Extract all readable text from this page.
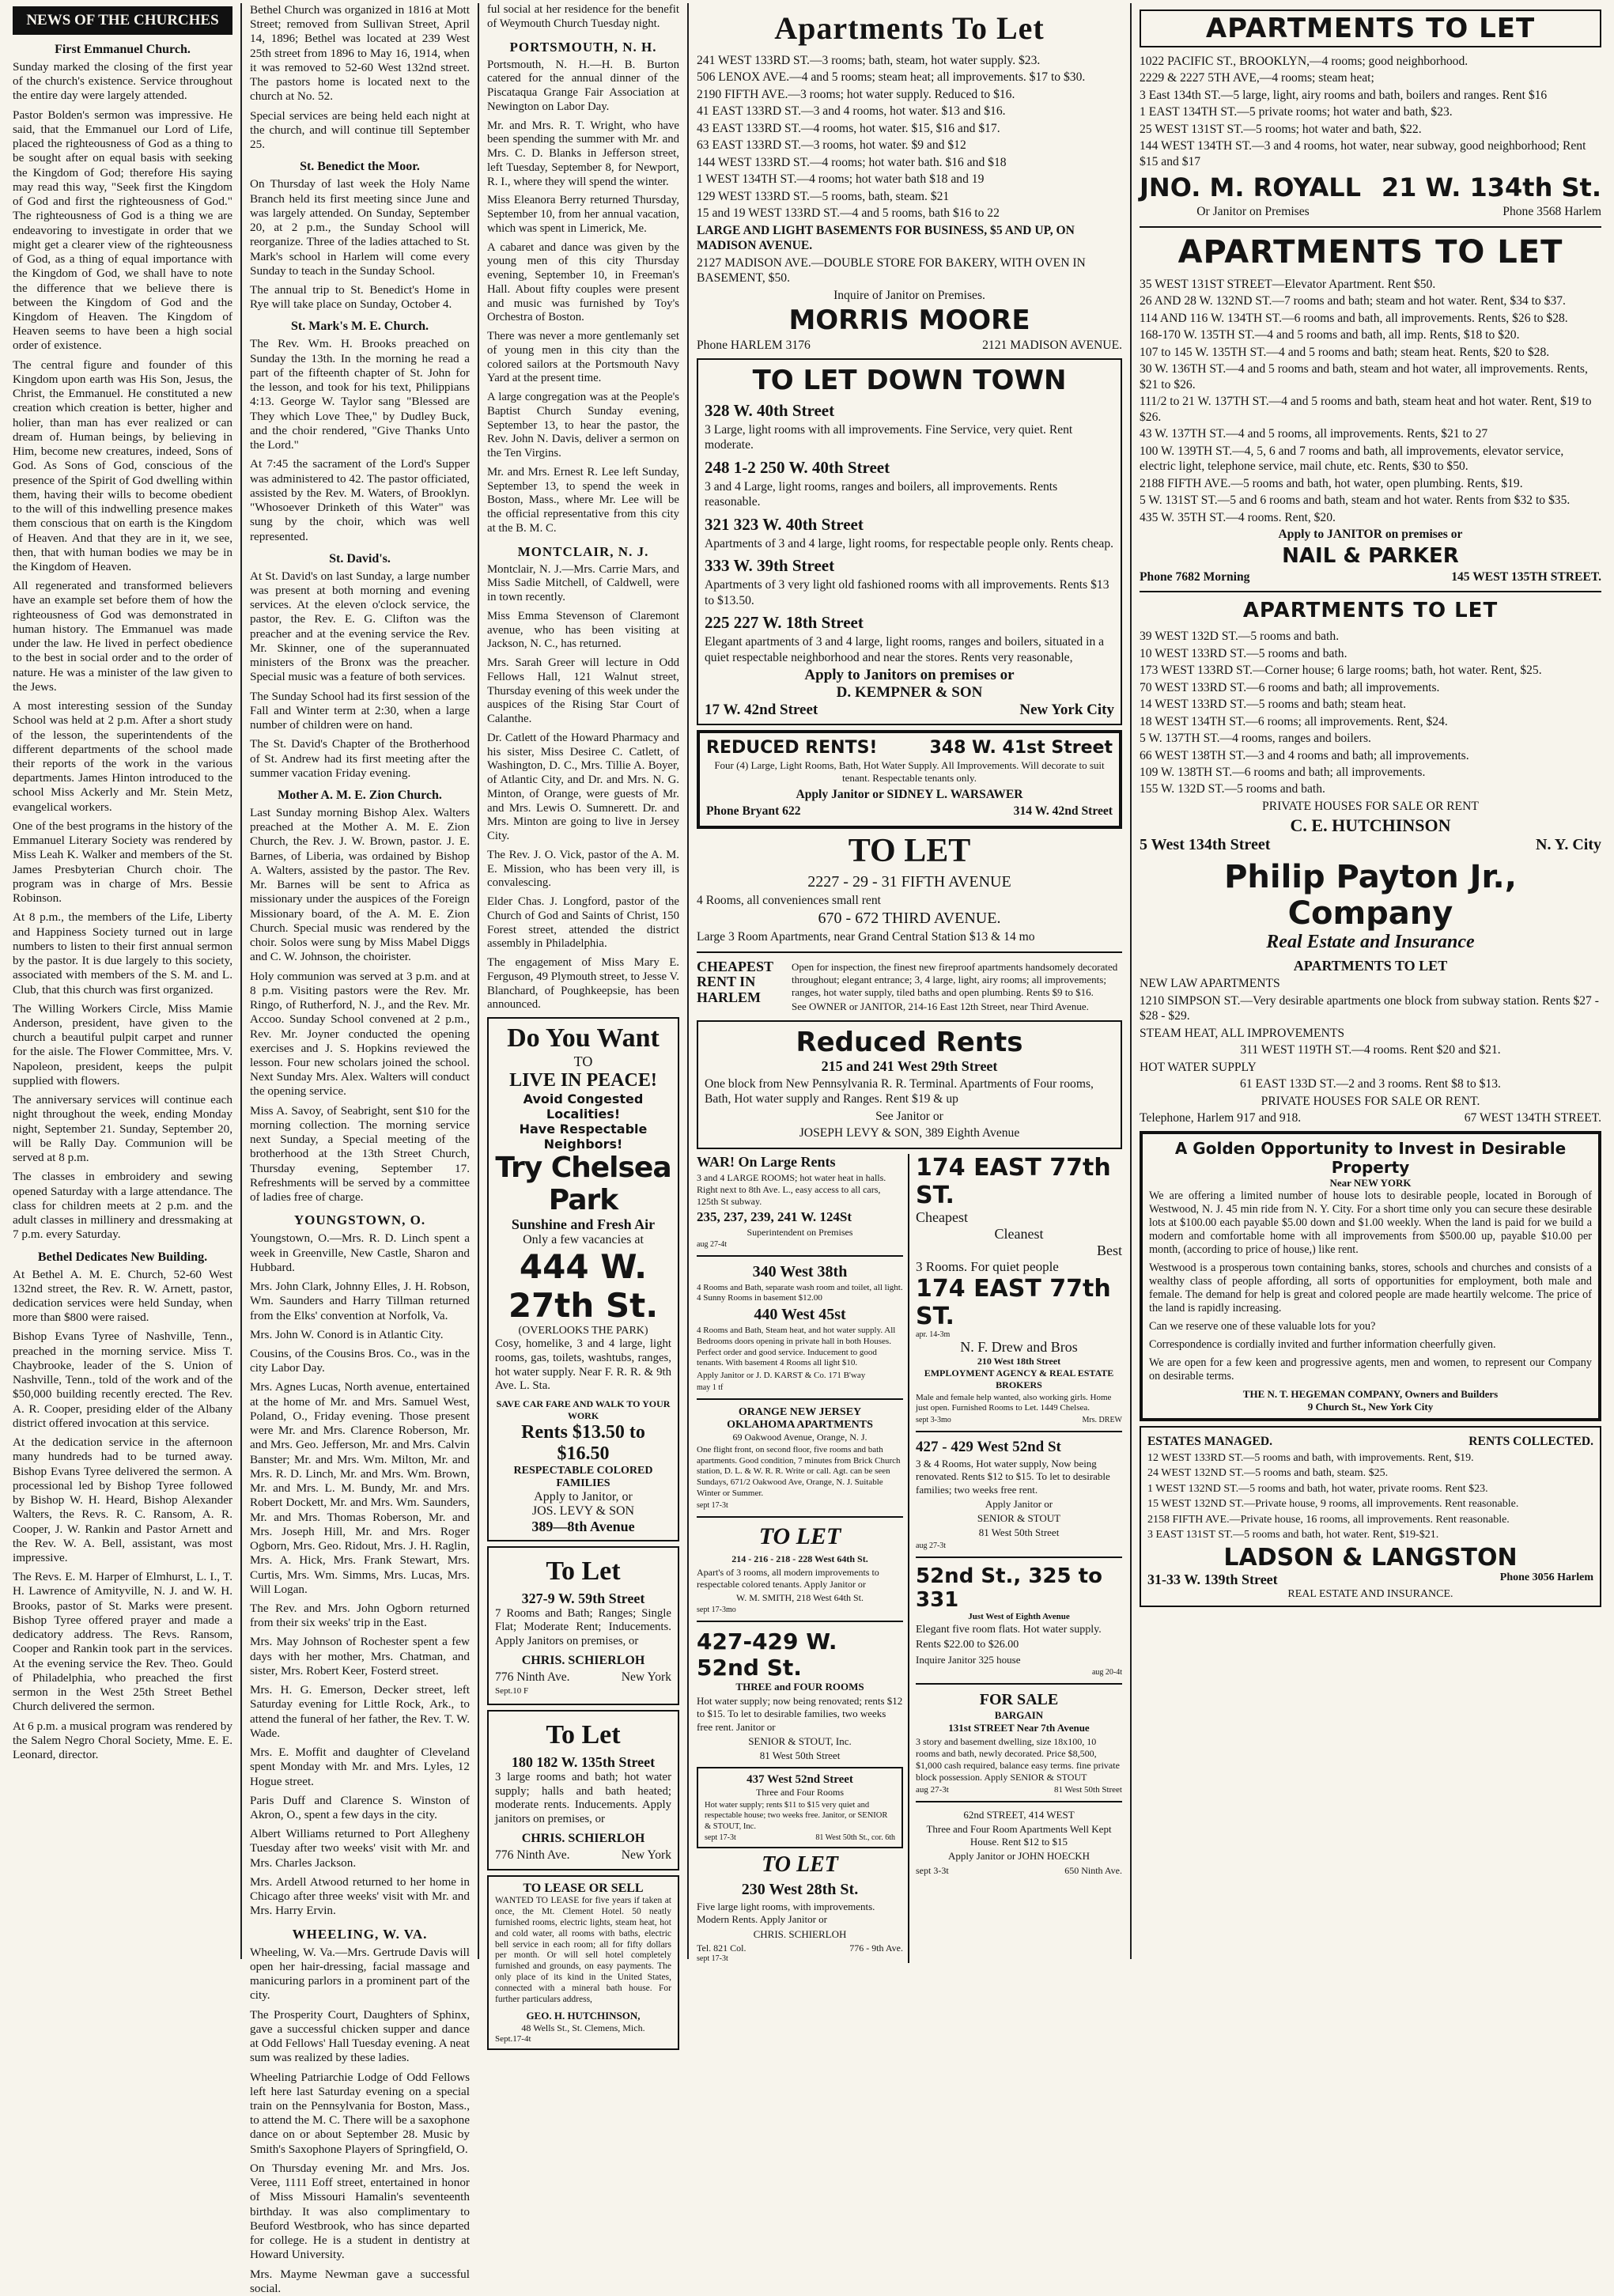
NEWS OF THE CHURCHES
First Emmanuel Church.

Sunday marked the closing of the first year of the church's existence. Service throughout the entire day were largely attended.

Pastor Bolden's sermon was impressive. He said, that the Emmanuel our Lord of Life, placed the righteousness of God as a thing to be sought after on equal basis with seeking the Kingdom of God; therefore His saying may read this way, "Seek first the Kingdom of God and first the righteousness of God." The righteousness of God is a thing we are endeavoring to investigate in order that we might get a clearer view of the righteousness of God, as a thing of equal importance with the Kingdom of God, we shall have to note the difference that we believe there is between the Kingdom of God and the Kingdom of Heaven. The Kingdom of Heaven seems to have been a high social order of existence.

The central figure and founder of this Kingdom upon earth was His Son, Jesus, the Christ, the Emmanuel. He constituted a new creation which creation is better, higher and holier, than man has ever realized or can dream of. Human beings, by believing in Him, become new creatures, indeed, Sons of God. As Sons of God, conscious of the presence of the Spirit of God dwelling within them, having their wills to become obedient to the will of this indwelling presence makes them conscious that on earth is the Kingdom of Heaven. And that they are in it, we see, then, that with human bodies we may be in the Kingdom of Heaven.

All regenerated and transformed believers have an example set before them of how the righteousness of God was demonstrated in human history. The Emmanuel was made under the law. He lived in perfect obedience to the best in social order and to the order of nature. He was a minister of the law given to the Jews.

A most interesting session of the Sunday School was held at 2 p.m. After a short study of the lesson, the superintendents of the different departments of the school made their reports of the work in the various departments. James Hinton introduced to the school Miss Ackerly and Mr. Stein Metz, evangelical workers.

One of the best programs in the history of the Emmanuel Literary Society was rendered by Miss Leah K. Walker and members of the St. James Presbyterian Church choir. The program was in charge of Mrs. Bessie Robinson.

At 8 p.m., the members of the Life, Liberty and Happiness Society turned out in large numbers to listen to their first annual sermon by the pastor. It is due largely to this society, associated with members of the S. M. and L. Club, that this church was first organized.

The Willing Workers Circle, Miss Mamie Anderson, president, have given to the church a beautiful pulpit carpet and runner for the aisle. The Flower Committee, Mrs. V. Napoleon, president, keeps the pulpit supplied with flowers.

The anniversary services will continue each night throughout the week, ending Monday night, September 21. Sunday, September 20, will be Rally Day. Communion will be served at 8 p.m.

The classes in embroidery and sewing opened Saturday with a large attendance. The class for children meets at 2 p.m. and the adult classes in millinery and dressmaking at 7 p.m. every Saturday.

Bethel Dedicates New Building.

At Bethel A. M. E. Church, 52-60 West 132nd street, the Rev. R. W. Arnett, pastor, dedication services were held Sunday, when more than $800 were raised.

Bishop Evans Tyree of Nashville, Tenn., preached in the morning service. Miss T. Chaybrooke, leader of the S. Union of Nashville, Tenn., told of the work and of the $50,000 building recently erected. The Rev. A. R. Cooper, presiding elder of the Albany district offered invocation at this service.

At the dedication service in the afternoon many hundreds had to be turned away. Bishop Evans Tyree delivered the sermon. A processional led by Bishop Tyree followed by Bishop W. H. Heard, Bishop Alexander Walters, the Revs. R. C. Ransom, A. R. Cooper, J. W. Rankin and Pastor Arnett and the Rev. W. A. Bell, assistant, was most impressive.

The Revs. E. M. Harper of Elmhurst, L. I., T. H. Lawrence of Amityville, N. J. and W. H. Brooks, pastor of St. Marks were present. Bishop Tyree offered prayer and made a dedicatory address. The Revs. Ransom, Cooper and Rankin took part in the services. At the evening service the Rev. Theo. Gould of Philadelphia, who preached the first sermon in the West 25th Street Bethel Church delivered the sermon.

At 6 p.m. a musical program was rendered by the Salem Negro Choral Society, Mme. E. E. Leonard, director.

Bethel Church was organized in 1816 at Mott Street; removed from Sullivan Street, April 14, 1896; Bethel was located at 239 West 25th street from 1896 to May 16, 1914, when it was removed to 52-60 West 132nd street. The pastors home is located next to the church at No. 52.

Special services are being held each night at the church, and will continue till September 25.

St. Benedict the Moor.

On Thursday of last week the Holy Name Branch held its first meeting since June and was largely attended. On Sunday, September 20, at 2 p.m., the Sunday School will reorganize. Three of the ladies attached to St. Mark's school in Harlem will come every Sunday to teach in the Sunday School.

The annual trip to St. Benedict's Home in Rye will take place on Sunday, October 4.

St. Mark's M. E. Church.

The Rev. Wm. H. Brooks preached on Sunday the 13th. In the morning he read a part of the fifteenth chapter of St. John for the lesson, and took for his text, Philippians 4:13. George W. Taylor sang "Blessed are They which Love Thee," by Dudley Buck, and the choir rendered, "Give Thanks Unto the Lord."

At 7:45 the sacrament of the Lord's Supper was administered to 42. The pastor officiated, assisted by the Rev. M. Waters, of Brooklyn. "Whosoever Drinketh of this Water" was sung by the choir, which was well represented.

St. David's.

At St. David's on last Sunday, a large number was present at both morning and evening services. At the eleven o'clock service, the pastor, the Rev. E. G. Clifton was the preacher and at the evening service the Rev. Mr. Skinner, one of the superannuated ministers of the Bronx was the preacher. Special music was a feature of both services.

The Sunday School had its first session of the Fall and Winter term at 2:30, when a large number of children were on hand.

The St. David's Chapter of the Brotherhood of St. Andrew had its first meeting after the summer vacation Friday evening.

Mother A. M. E. Zion Church.

Last Sunday morning Bishop Alex. Walters preached at the Mother A. M. E. Zion Church, the Rev. J. W. Brown, pastor. J. E. Barnes, of Liberia, was ordained by Bishop A. Walters, assisted by the pastor. The Rev. Mr. Barnes will be sent to Africa as missionary under the auspices of the Foreign Missionary board, of the A. M. E. Zion Church. Special music was rendered by the choir. Solos were sung by Miss Mabel Diggs and C. W. Johnson, the choirister.

Holy communion was served at 3 p.m. and at 8 p.m. Visiting pastors were the Rev. Mr. Ringo, of Rutherford, N. J., and the Rev. Mr. Accoo. Sunday School convened at 2 p.m., Rev. Mr. Joyner conducted the opening exercises and J. S. Hopkins reviewed the lesson. Four new scholars joined the school. Next Sunday Mrs. Alex. Walters will conduct the opening service.

Miss A. Savoy, of Seabright, sent $10 for the morning collection. The morning service next Sunday, a Special meeting of the brotherhood at the 13th Street Church, Thursday evening, September 17. Refreshments will be served by a committee of ladies free of charge.

YOUNGSTOWN, O.

Youngstown, O.—Mrs. R. D. Linch spent a week in Greenville, New Castle, Sharon and Hubbard.

Mrs. John Clark, Johnny Elles, J. H. Robson, Wm. Saunders and Harry Tillman returned from the Elks' convention at Norfolk, Va.

Mrs. John W. Conord is in Atlantic City.

Cousins, of the Cousins Bros. Co., was in the city Labor Day.

Mrs. Agnes Lucas, North avenue, entertained at the home of Mr. and Mrs. Samuel West, Poland, O., Friday evening. Those present were Mr. and Mrs. Clarence Roberson, Mr. and Mrs. Geo. Jefferson, Mr. and Mrs. Calvin Banster; Mr. and Mrs. Wm. Milton, Mr. and Mrs. R. D. Linch, Mr. and Mrs. Wm. Brown, Mr. and Mrs. L. M. Bundy, Mr. and Mrs. Robert Dockett, Mr. and Mrs. Wm. Saunders, Mr. and Mrs. Thomas Roberson, Mr. and Mrs. Joseph Hill, Mr. and Mrs. Roger Ogborn, Mrs. Geo. Ridout, Mrs. J. H. Raglin, Mrs. A. Hick, Mrs. Frank Stewart, Mrs. Curtis, Mrs. Wm. Simms, Mrs. Lucas, Mrs. Will Logan.

The Rev. and Mrs. John Ogborn returned from their six weeks' trip in the East.

Mrs. May Johnson of Rochester spent a few days with her mother, Mrs. Chatman, and sister, Mrs. Robert Keer, Fosterd street.

Mrs. H. G. Emerson, Decker street, left Saturday evening for Little Rock, Ark., to attend the funeral of her father, the Rev. T. W. Wade.

Mrs. E. Moffit and daughter of Cleveland spent Monday with Mr. and Mrs. Lyles, 12 Hogue street.

Paris Duff and Clarence S. Winston of Akron, O., spent a few days in the city.

Albert Williams returned to Port Allegheny Tuesday after two weeks' visit with Mr. and Mrs. Charles Jackson.

Mrs. Ardell Atwood returned to her home in Chicago after three weeks' visit with Mr. and Mrs. Harry Ervin.

WHEELING, W. VA.

Wheeling, W. Va.—Mrs. Gertrude Davis will open her hair-dressing, facial massage and manicuring parlors in a prominent part of the city.

The Prosperity Court, Daughters of Sphinx, gave a successful chicken supper and dance at Odd Fellows' Hall Tuesday evening. A neat sum was realized by these ladies.

Wheeling Patriarchie Lodge of Odd Fellows left here last Saturday evening on a special train on the Pennsylvania for Boston, Mass., to attend the M. C. There will be a saxophone dance on or about September 28. Music by Smith's Saxophone Players of Springfield, O.

On Thursday evening Mr. and Mrs. Jos. Veree, 1111 Eoff street, entertained in honor of Miss Missouri Hamalin's seventeenth birthday. It was also complimentary to Beuford Westbrook, who has since departed for college. He is a student in dentistry at Howard University.

Mrs. Mayme Newman gave a successful social.

ful social at her residence for the benefit of Weymouth Church Tuesday night.

PORTSMOUTH, N. H.

Portsmouth, N. H.—H. B. Burton catered for the annual dinner of the Piscataqua Grange Fair Association at Newington on Labor Day.

Mr. and Mrs. R. T. Wright, who have been spending the summer with Mr. and Mrs. C. D. Blanks in Jefferson street, left Tuesday, September 8, for Newport, R. I., where they will spend the winter.

Miss Eleanora Berry returned Thursday, September 10, from her annual vacation, which was spent in Limerick, Me.

A cabaret and dance was given by the young men of this city Thursday evening, September 10, in Freeman's Hall. About fifty couples were present and music was furnished by Toy's Orchestra of Boston.

There was never a more gentlemanly set of young men in this city than the colored sailors at the Portsmouth Navy Yard at the present time.

A large congregation was at the People's Baptist Church Sunday evening, September 13, to hear the pastor, the Rev. John N. Davis, deliver a sermon on the Ten Virgins.

Mr. and Mrs. Ernest R. Lee left Sunday, September 13, to spend the week in Boston, Mass., where Mr. Lee will be the official representative from this city at the B. M. C.

MONTCLAIR, N. J.

Montclair, N. J.—Mrs. Carrie Mars, and Miss Sadie Mitchell, of Caldwell, were in town recently.

Miss Emma Stevenson of Claremont avenue, who has been visiting at Jackson, N. C., has returned.

Mrs. Sarah Greer will lecture in Odd Fellows Hall, 121 Walnut street, Thursday evening of this week under the auspices of the Rising Star Court of Calanthe.

Dr. Catlett of the Howard Pharmacy and his sister, Miss Desiree C. Catlett, of Washington, D. C., Mrs. Tillie A. Boyer, of Atlantic City, and Dr. and Mrs. N. G. Minton, of Orange, were guests of Mr. and Mrs. Lewis O. Sumnerett. Dr. and Mrs. Minton are going to live in Jersey City.

The Rev. J. O. Vick, pastor of the A. M. E. Mission, who has been very ill, is convalescing.

Elder Chas. J. Longford, pastor of the Church of God and Saints of Christ, 150 Forest street, attended the district assembly in Philadelphia.

The engagement of Miss Mary E. Ferguson, 49 Plymouth street, to Jesse V. Blanchard, of Poughkeepsie, has been announced.

Do You Want
TO
LIVE IN PEACE!
Avoid Congested Localities!
Have Respectable Neighbors!
Try Chelsea Park
Sunshine and Fresh Air
Only a few vacancies at
444 W. 27th St.
(OVERLOOKS THE PARK)

Cosy, homelike, 3 and 4 large, light rooms, gas, toilets, washtubs, ranges, hot water supply. Near F. R. R. & 9th Ave. L. Sta.

SAVE CAR FARE AND WALK TO YOUR WORK
Rents $13.50 to $16.50
RESPECTABLE COLORED FAMILIES
Apply to Janitor, or
JOS. LEVY & SON
389—8th Avenue
To Let
327-9 W. 59th Street

7 Rooms and Bath; Ranges; Single Flat; Moderate Rent; Inducements. Apply Janitors on premises, or

CHRIS. SCHIERLOH
776 Ninth Ave.	New York
Sept.10 F
To Let
180 182 W. 135th Street

3 large rooms and bath; hot water supply; halls and bath heated; moderate rents. Inducements. Apply janitors on premises, or

CHRIS. SCHIERLOH
776 Ninth Ave.	New York
TO LEASE OR SELL

WANTED TO LEASE for five years if taken at once, the Mt. Clement Hotel. 50 neatly furnished rooms, electric lights, steam heat, hot and cold water, all rooms with baths, electric bell service in each room; all for fifty dollars per month. Or will sell hotel completely furnished and grounds, on easy payments. The only place of its kind in the United States, connected with a mineral bath house. For further particulars address,

GEO. H. HUTCHINSON,
48 Wells St., St. Clemens, Mich.
Sept.17-4t
Apartments To Let
241 WEST 133RD ST.—3 rooms; bath, steam, hot water supply. $23.
506 LENOX AVE.—4 and 5 rooms; steam heat; all improvements. $17 to $30.
2190 FIFTH AVE.—3 rooms; hot water supply. Reduced to $16.
41 EAST 133RD ST.—3 and 4 rooms, hot water. $13 and $16.
43 EAST 133RD ST.—4 rooms, hot water. $15, $16 and $17.
63 EAST 133RD ST.—3 rooms, hot water. $9 and $12
144 WEST 133RD ST.—4 rooms; hot water bath. $16 and $18
1 WEST 134TH ST.—4 rooms; hot water bath $18 and 19
129 WEST 133RD ST.—5 rooms, bath, steam. $21
15 and 19 WEST 133RD ST.—4 and 5 rooms, bath $16 to 22
LARGE AND LIGHT BASEMENTS FOR BUSINESS, $5 AND UP, ON MADISON AVENUE.
2127 MADISON AVE.—DOUBLE STORE FOR BAKERY, WITH OVEN IN BASEMENT, $50.
Inquire of Janitor on Premises.
MORRIS MOORE
Phone HARLEM 3176	2121 MADISON AVENUE.
TO LET DOWN TOWN
328 W. 40th Street
3 Large, light rooms with all improvements. Fine Service, very quiet. Rent moderate.
248 1-2 250 W. 40th Street
3 and 4 Large, light rooms, ranges and boilers, all improvements. Rents reasonable.
321 323 W. 40th Street
Apartments of 3 and 4 large, light rooms, for respectable people only. Rents cheap.
333 W. 39th Street
Apartments of 3 very light old fashioned rooms with all improvements. Rents $13 to $13.50.
225 227 W. 18th Street
Elegant apartments of 3 and 4 large, light rooms, ranges and boilers, situated in a quiet respectable neighborhood and near the stores. Rents very reasonable,
Apply to Janitors on premises or
D. KEMPNER & SON
17 W. 42nd Street	New York City
REDUCED RENTS!	348 W. 41st Street
Four (4) Large, Light Rooms, Bath, Hot Water Supply. All Improvements. Will decorate to suit tenant. Respectable tenants only.
Apply Janitor or SIDNEY L. WARSAWER
Phone Bryant 622	314 W. 42nd Street
TO LET
2227 - 29 - 31 FIFTH AVENUE
4 Rooms, all conveniences small rent
670 - 672 THIRD AVENUE.
Large 3 Room Apartments, near Grand Central Station $13 & 14 mo
CHEAPEST RENT IN HARLEM
Open for inspection, the finest new fireproof apartments handsomely decorated throughout; elegant entrance; 3, 4 large, light, airy rooms; all improvements; ranges, hot water supply, tiled baths and open plumbing. Rents $9 to $16.
See OWNER or JANITOR, 214-16 East 12th Street, near Third Avenue.
Reduced Rents
215 and 241 West 29th Street
One block from New Pennsylvania R. R. Terminal. Apartments of Four rooms, Bath, Hot water supply and Ranges. Rent $19 & up
See Janitor or
JOSEPH LEVY & SON, 389 Eighth Avenue
WAR! On Large Rents
3 and 4 LARGE ROOMS; hot water heat in halls. Right next to 8th Ave. L., easy access to all cars, 125th St subway.
235, 237, 239, 241 W. 124St
Superintendent on Premises
aug 27-4t
340 West 38th
4 Rooms and Bath, separate wash room and toilet, all light. 4 Sunny Rooms in basement $12.00
440 West 45st
4 Rooms and Bath, Steam heat, and hot water supply. All Bedrooms doors opening in private hall in both Houses. Perfect order and good service. Inducement to good tenants. With basement 4 Rooms all light $10.
Apply Janitor or J. D. KARST & Co. 171 B'way
may 1 tf
ORANGE NEW JERSEY
OKLAHOMA APARTMENTS
69 Oakwood Avenue, Orange, N. J.
One flight front, on second floor, five rooms and bath apartments. Good condition, 7 minutes from Brick Church station, D. L. & W. R. R. Write or call. Agt. can be seen Sundays, 671/2 Oakwood Ave, Orange, N. J. Suitable Winter or Summer.
sept 17-3t
TO LET
214 - 216 - 218 - 228 West 64th St.
Apart's of 3 rooms, all modern improvements to respectable colored tenants. Apply Janitor or
W. M. SMITH, 218 West 64th St.
sept 17-3mo
427-429 W. 52nd St.
THREE and FOUR ROOMS
Hot water supply; now being renovated; rents $12 to $15. To let to desirable families, two weeks free rent. Janitor or
SENIOR & STOUT, Inc.
81 West 50th Street
437 West 52nd Street
Three and Four Rooms
Hot water supply; rents $11 to $15 very quiet and respectable house; two weeks free. Janitor, or SENIOR & STOUT, Inc.
sept 17-3t	81 West 50th St., cor. 6th
TO LET
230 West 28th St.
Five large light rooms, with improvements. Modern Rents. Apply Janitor or
CHRIS. SCHIERLOH
Tel. 821 Col.	776 - 9th Ave.
sept 17-3t
174 EAST 77th ST.
Cheapest
Cleanest
Best
3 Rooms. For quiet people
174 EAST 77th ST.
apr. 14-3m
N. F. Drew and Bros
210 West 18th Street
EMPLOYMENT AGENCY & REAL ESTATE BROKERS
Male and female help wanted, also working girls. Home just open. Furnished Rooms to Let. 1449 Chelsea.
sept 3-3mo	Mrs. DREW
427 - 429 West 52nd St
3 & 4 Rooms, Hot water supply, Now being renovated. Rents $12 to $15. To let to desirable families; two weeks free rent.
Apply Janitor or
SENIOR & STOUT
81 West 50th Street
aug 27-3t
52nd St., 325 to 331
Just West of Eighth Avenue
Elegant five room flats. Hot water supply.
Rents $22.00 to $26.00
Inquire Janitor 325 house
aug 20-4t
FOR SALE
BARGAIN
131st STREET Near 7th Avenue
3 story and basement dwelling, size 18x100, 10 rooms and bath, newly decorated. Price $8,500, $1,000 cash required, balance easy terms. fine private block possession. Apply SENIOR & STOUT
aug 27-3t	81 West 50th Street
62nd STREET, 414 WEST
Three and Four Room Apartments Well Kept House. Rent $12 to $15
Apply Janitor or JOHN HOECKH
sept 3-3t	650 Ninth Ave.
APARTMENTS TO LET
1022 PACIFIC ST., BROOKLYN,—4 rooms; good neighborhood.
2229 & 2227 5TH AVE,—4 rooms; steam heat;
3 East 134th ST.—5 large, light, airy rooms and bath, boilers and ranges. Rent $16
1 EAST 134TH ST.—5 private rooms; hot water and bath, $23.
25 WEST 131ST ST.—5 rooms; hot water and bath, $22.
144 WEST 134TH ST.—3 and 4 rooms, hot water, near subway, good neighborhood; Rent $15 and $17
JNO. M. ROYALL 21 W. 134th St.
Or Janitor on Premises	Phone 3568 Harlem
APARTMENTS TO LET
35 WEST 131ST STREET—Elevator Apartment. Rent $50.
26 AND 28 W. 132ND ST.—7 rooms and bath; steam and hot water. Rent, $34 to $37.
114 AND 116 W. 134TH ST.—6 rooms and bath, all improvements. Rents, $26 to $28.
168-170 W. 135TH ST.—4 and 5 rooms and bath, all imp. Rents, $18 to $20.
107 to 145 W. 135TH ST.—4 and 5 rooms and bath; steam heat. Rents, $20 to $28.
30 W. 136TH ST.—4 and 5 rooms and bath, steam and hot water, all improvements. Rents, $21 to $26.
111/2 to 21 W. 137TH ST.—4 and 5 rooms and bath, steam heat and hot water. Rent, $19 to $26.
43 W. 137TH ST.—4 and 5 rooms, all improvements. Rents, $21 to 27
100 W. 139TH ST.—4, 5, 6 and 7 rooms and bath, all improvements, elevator service, electric light, telephone service, mail chute, etc. Rents, $30 to $50.
2188 FIFTH AVE.—5 rooms and bath, hot water, open plumbing. Rents, $19.
5 W. 131ST ST.—5 and 6 rooms and bath, steam and hot water. Rents from $32 to $35.
435 W. 35TH ST.—4 rooms. Rent, $20.
Apply to JANITOR on premises or
NAIL & PARKER
Phone 7682 Morning	145 WEST 135TH STREET.
APARTMENTS TO LET
39 WEST 132D ST.—5 rooms and bath.
10 WEST 133RD ST.—5 rooms and bath.
173 WEST 133RD ST.—Corner house; 6 large rooms; bath, hot water. Rent, $25.
70 WEST 133RD ST.—6 rooms and bath; all improvements.
14 WEST 133RD ST.—5 rooms and bath; steam heat.
18 WEST 134TH ST.—6 rooms; all improvements. Rent, $24.
5 W. 137TH ST.—4 rooms, ranges and boilers.
66 WEST 138TH ST.—3 and 4 rooms and bath; all improvements.
109 W. 138TH ST.—6 rooms and bath; all improvements.
155 W. 132D ST.—5 rooms and bath.
PRIVATE HOUSES FOR SALE OR RENT
C. E. HUTCHINSON
5 West 134th Street	N. Y. City
Philip Payton Jr., Company
Real Estate and Insurance
APARTMENTS TO LET
NEW LAW APARTMENTS
1210 SIMPSON ST.—Very desirable apartments one block from subway station. Rents $27 - $28 - $29.
STEAM HEAT, ALL IMPROVEMENTS
311 WEST 119TH ST.—4 rooms. Rent $20 and $21.
HOT WATER SUPPLY
61 EAST 133D ST.—2 and 3 rooms. Rent $8 to $13.
PRIVATE HOUSES FOR SALE OR RENT.
Telephone, Harlem 917 and 918.	67 WEST 134TH STREET.
A Golden Opportunity to Invest in Desirable Property
Near NEW YORK

We are offering a limited number of house lots to desirable people, located in Borough of Westwood, N. J. 45 min ride from N. Y. City. For a short time only you can secure these desirable lots at $100.00 each payable $5.00 down and $1.00 weekly. When the land is paid for we build a modern and comfortable home with all improvements from $500.00 up, payable $10.00 per month, (according to price of house,) like rent.

Westwood is a prosperous town containing banks, stores, schools and churches and consists of a wealthy class of people affording, all sorts of opportunities for employment, both male and female. The demand for help is great and colored people are made heartily welcome. The price of the land is rapidly increasing.

Can we reserve one of these valuable lots for you?

Correspondence is cordially invited and further information cheerfully given.

We are open for a few keen and progressive agents, men and women, to represent our Company on desirable terms.

THE N. T. HEGEMAN COMPANY, Owners and Builders
9 Church St., New York City
ESTATES MANAGED.	RENTS COLLECTED.
12 WEST 133RD ST.—5 rooms and bath, with improvements. Rent, $19.
24 WEST 132ND ST.—5 rooms and bath, steam. $25.
1 WEST 132ND ST.—5 rooms and bath, hot water, private rooms. Rent $23.
15 WEST 132ND ST.—Private house, 9 rooms, all improvements. Rent reasonable.
2158 FIFTH AVE.—Private house, 16 rooms, all improvements. Rent reasonable.
3 EAST 131ST ST.—5 rooms and bath, hot water. Rent, $19-$21.
LADSON & LANGSTON
31-33 W. 139th Street	Phone 3056 Harlem
REAL ESTATE AND INSURANCE.
